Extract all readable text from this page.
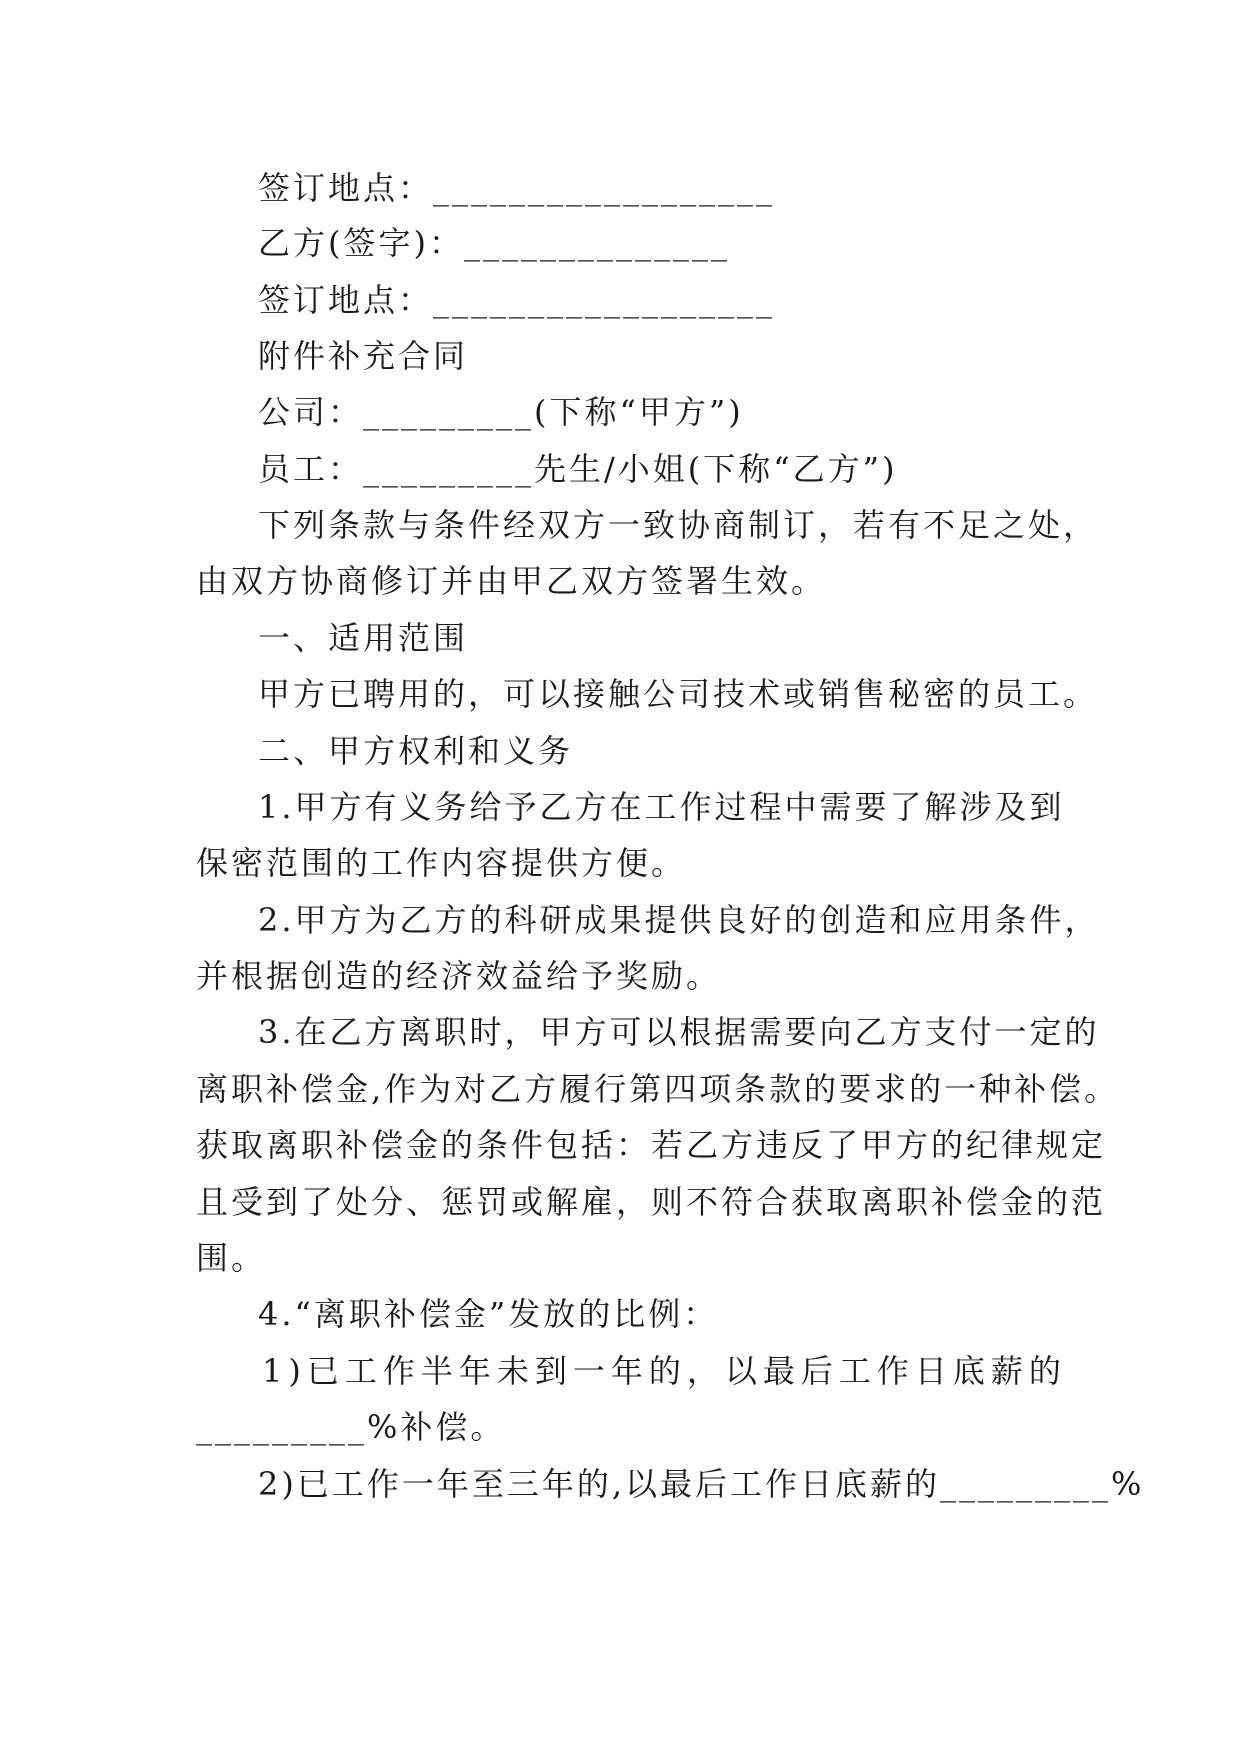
签订地点：__________________
乙方(签字)：______________
签订地点：__________________
附件补充合同
公司：_________(下称“甲方”)
员工：_________先生/小姐(下称“乙方”)
下列条款与条件经双方一致协商制订，若有不足之处，
由双方协商修订并由甲乙双方签署生效。
一、适用范围
甲方已聘用的，可以接触公司技术或销售秘密的员工。
二、甲方权利和义务
1.甲方有义务给予乙方在工作过程中需要了解涉及到
保密范围的工作内容提供方便。
2.甲方为乙方的科研成果提供良好的创造和应用条件，
并根据创造的经济效益给予奖励。
3.在乙方离职时，甲方可以根据需要向乙方支付一定的
离职补偿金,作为对乙方履行第四项条款的要求的一种补偿。
获取离职补偿金的条件包括：若乙方违反了甲方的纪律规定
且受到了处分、惩罚或解雇，则不符合获取离职补偿金的范
围。
4.“离职补偿金”发放的比例：
1)已工作半年未到一年的，以最后工作日底薪的
_________%补偿。
2)已工作一年至三年的,以最后工作日底薪的_________%
